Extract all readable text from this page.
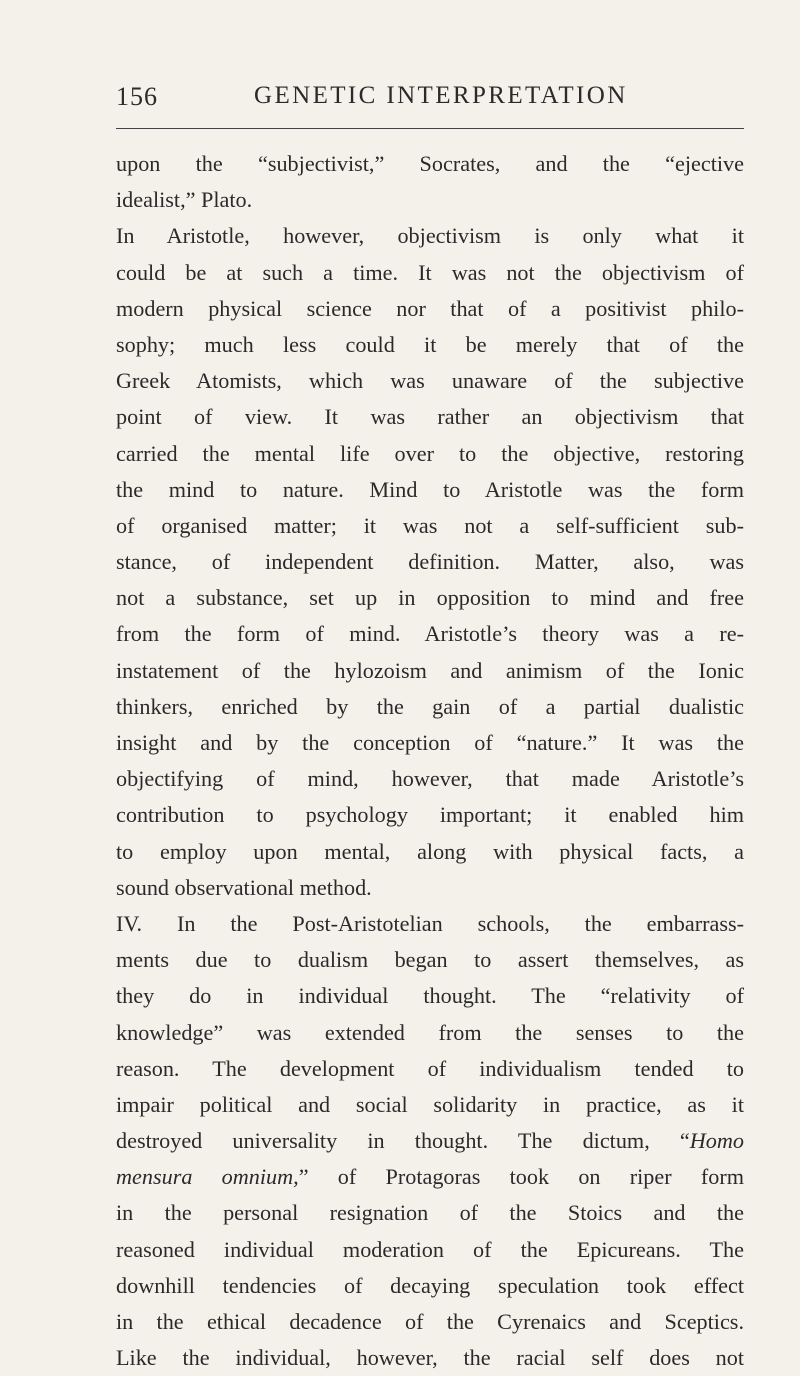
156	GENETIC INTERPRETATION
upon the “subjectivist,” Socrates, and the “ejective
idealist,” Plato.
In Aristotle, however, objectivism is only what it
could be at such a time. It was not the objectivism of
modern physical science nor that of a positivist philo-
sophy; much less could it be merely that of the
Greek Atomists, which was unaware of the subjective
point of view. It was rather an objectivism that
carried the mental life over to the objective, restoring
the mind to nature. Mind to Aristotle was the form
of organised matter; it was not a self-sufficient sub-
stance, of independent definition. Matter, also, was
not a substance, set up in opposition to mind and free
from the form of mind. Aristotle’s theory was a re-
instatement of the hylozoism and animism of the Ionic
thinkers, enriched by the gain of a partial dualistic
insight and by the conception of “nature.” It was the
objectifying of mind, however, that made Aristotle’s
contribution to psychology important; it enabled him
to employ upon mental, along with physical facts, a
sound observational method.
IV. In the Post-Aristotelian schools, the embarrass-
ments due to dualism began to assert themselves, as
they do in individual thought. The “relativity of
knowledge” was extended from the senses to the
reason. The development of individualism tended to
impair political and social solidarity in practice, as it
destroyed universality in thought. The dictum, “Homo
mensura omnium,” of Protagoras took on riper form
in the personal resignation of the Stoics and the
reasoned individual moderation of the Epicureans. The
downhill tendencies of decaying speculation took effect
in the ethical decadence of the Cyrenaics and Sceptics.
Like the individual, however, the racial self does not
